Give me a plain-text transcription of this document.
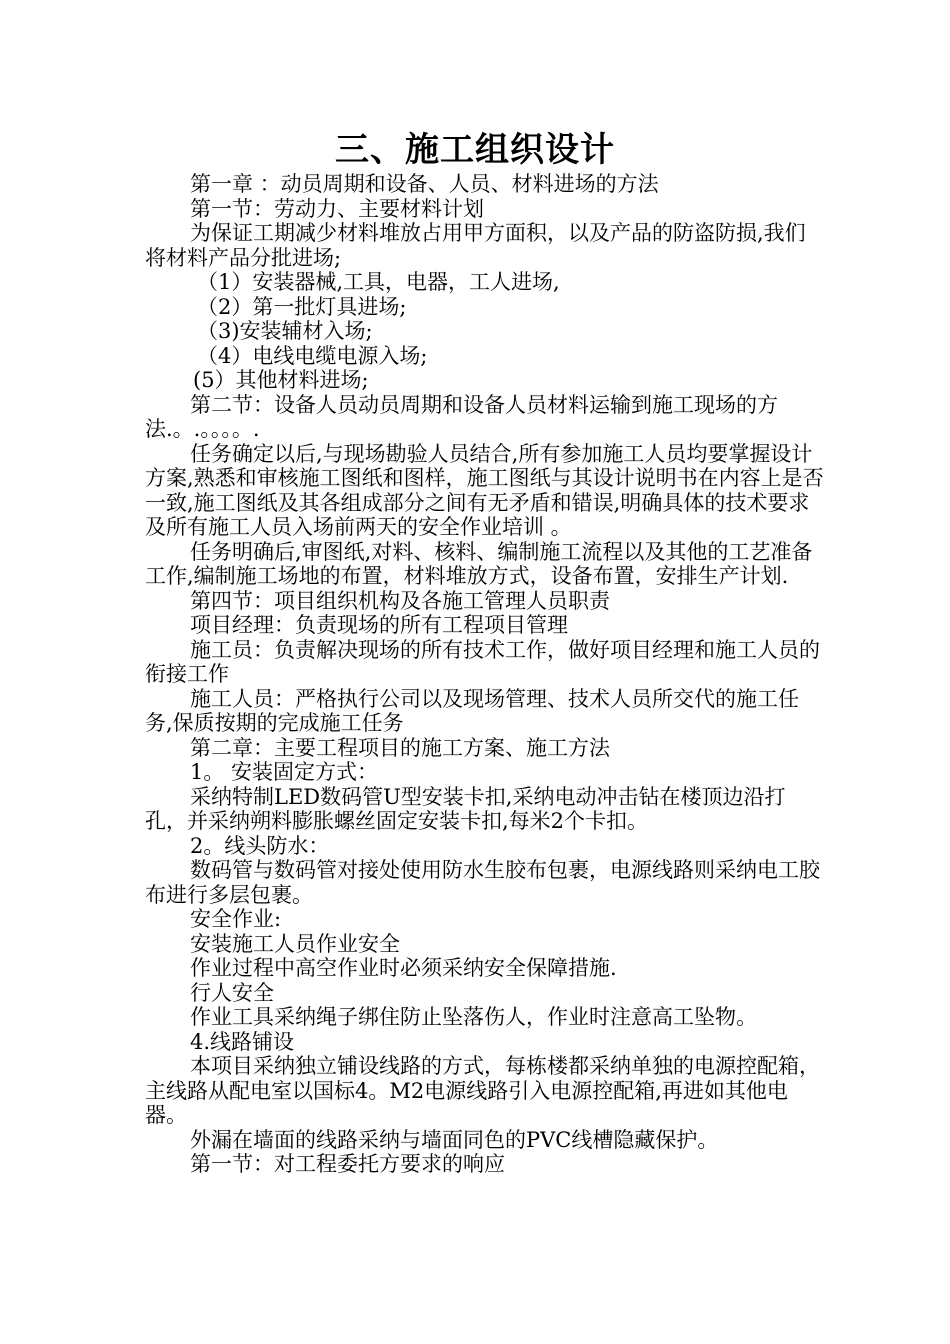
三、施工组织设计

第一章 ：动员周期和设备、人员、材料进场的方法

第一节：劳动力、主要材料计划

为保证工期减少材料堆放占用甲方面积，以及产品的防盗防损,我们将材料产品分批进场;

（1）安装器械,工具，电器，工人进场,

（2）第一批灯具进场;

（3)安装辅材入场;

（4）电线电缆电源入场;

(5）其他材料进场;

第二节：设备人员动员周期和设备人员材料运输到施工现场的方法.。.。。。。.

任务确定以后,与现场勘验人员结合,所有参加施工人员均要掌握设计方案,熟悉和审核施工图纸和图样，施工图纸与其设计说明书在内容上是否一致,施工图纸及其各组成部分之间有无矛盾和错误,明确具体的技术要求及所有施工人员入场前两天的安全作业培训 。

任务明确后,审图纸,对料、核料、编制施工流程以及其他的工艺准备工作,编制施工场地的布置，材料堆放方式，设备布置，安排生产计划.

第四节：项目组织机构及各施工管理人员职责

项目经理：负责现场的所有工程项目管理

施工员：负责解决现场的所有技术工作，做好项目经理和施工人员的衔接工作

施工人员：严格执行公司以及现场管理、技术人员所交代的施工任务,保质按期的完成施工任务

第二章：主要工程项目的施工方案、施工方法

1。 安装固定方式：

采纳特制LED数码管U型安装卡扣,采纳电动冲击钻在楼顶边沿打孔，并采纳朔料膨胀螺丝固定安装卡扣,每米2个卡扣。

2。线头防水：

数码管与数码管对接处使用防水生胶布包裹，电源线路则采纳电工胶布进行多层包裹。

安全作业:

安装施工人员作业安全

作业过程中高空作业时必须采纳安全保障措施.

行人安全

作业工具采纳绳子绑住防止坠落伤人，作业时注意高工坠物。

4.线路铺设

本项目采纳独立铺设线路的方式，每栋楼都采纳单独的电源控配箱，主线路从配电室以国标4。M2电源线路引入电源控配箱,再进如其他电器。

外漏在墙面的线路采纳与墙面同色的PVC线槽隐藏保护。

第一节：对工程委托方要求的响应
